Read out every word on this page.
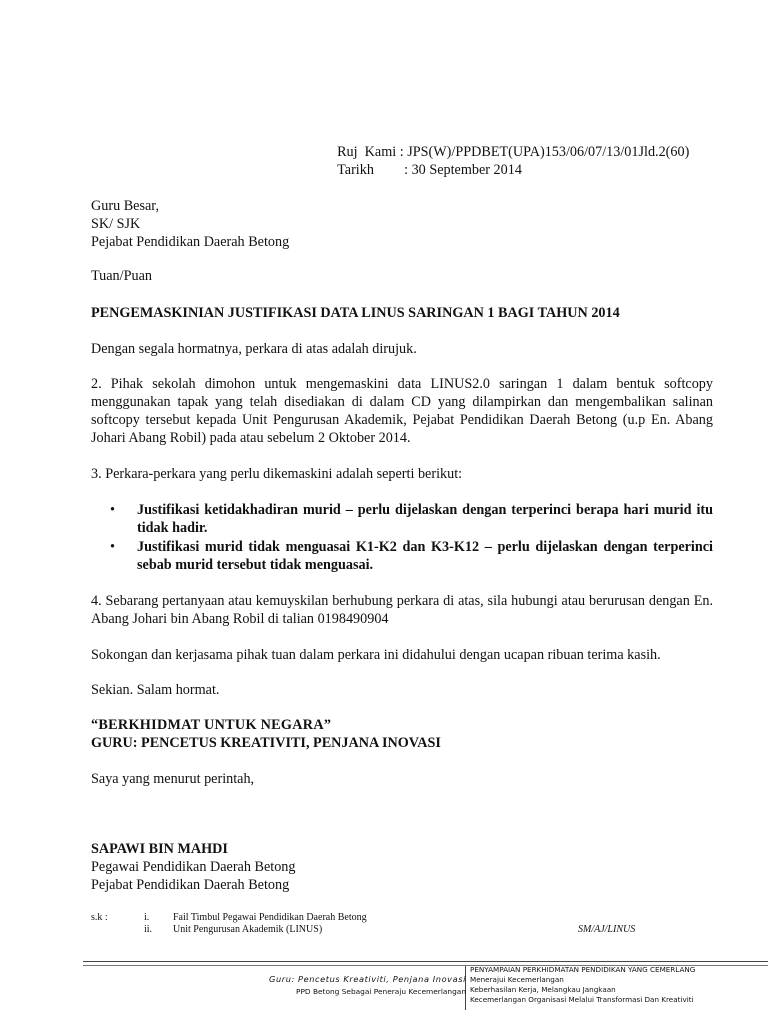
Ruj  Kami : JPS(W)/PPDBET(UPA)153/06/07/13/01Jld.2(60)

Tarikh : 30 September 2014

Guru Besar,
SK/ SJK
Pejabat Pendidikan Daerah Betong
Tuan/Puan
PENGEMASKINIAN JUSTIFIKASI DATA LINUS SARINGAN 1 BAGI TAHUN 2014
Dengan segala hormatnya, perkara di atas adalah dirujuk.
2. Pihak sekolah dimohon untuk mengemaskini data LINUS2.0 saringan 1 dalam bentuk softcopy menggunakan tapak yang telah disediakan di dalam CD yang dilampirkan dan mengembalikan salinan softcopy tersebut kepada Unit Pengurusan Akademik, Pejabat Pendidikan Daerah Betong (u.p En. Abang Johari Abang Robil) pada atau sebelum 2 Oktober 2014.
3. Perkara-perkara yang perlu dikemaskini adalah seperti berikut:
• Justifikasi ketidakhadiran murid – perlu dijelaskan dengan terperinci berapa hari murid itu tidak hadir.
• Justifikasi murid tidak menguasai K1-K2 dan K3-K12 – perlu dijelaskan dengan terperinci sebab murid tersebut tidak menguasai.
4. Sebarang pertanyaan atau kemuyskilan berhubung perkara di atas, sila hubungi atau berurusan dengan En. Abang Johari bin Abang Robil di talian 0198490904
Sokongan dan kerjasama pihak tuan dalam perkara ini didahului dengan ucapan ribuan terima kasih.
Sekian. Salam hormat.
“BERKHIDMAT UNTUK NEGARA”
GURU: PENCETUS KREATIVITI, PENJANA INOVASI
Saya yang menurut perintah,
SAPAWI BIN MAHDI
Pegawai Pendidikan Daerah Betong
Pejabat Pendidikan Daerah Betong
s.k :	i. Fail Timbul Pegawai Pendidikan Daerah Betong
ii. Unit Pengurusan Akademik (LINUS)	SM/AJ/LINUS
Guru: Pencetus Kreativiti, Penjana Inovasi
PPD Betong Sebagai Peneraju Kecemerlangan
PENYAMPAIAN PERKHIDMATAN PENDIDIKAN YANG CEMERLANG
Menerajui Kecemerlangan
Keberhasilan Kerja, Melangkau Jangkaan
Kecemerlangan Organisasi Melalui Transformasi Dan Kreativiti
